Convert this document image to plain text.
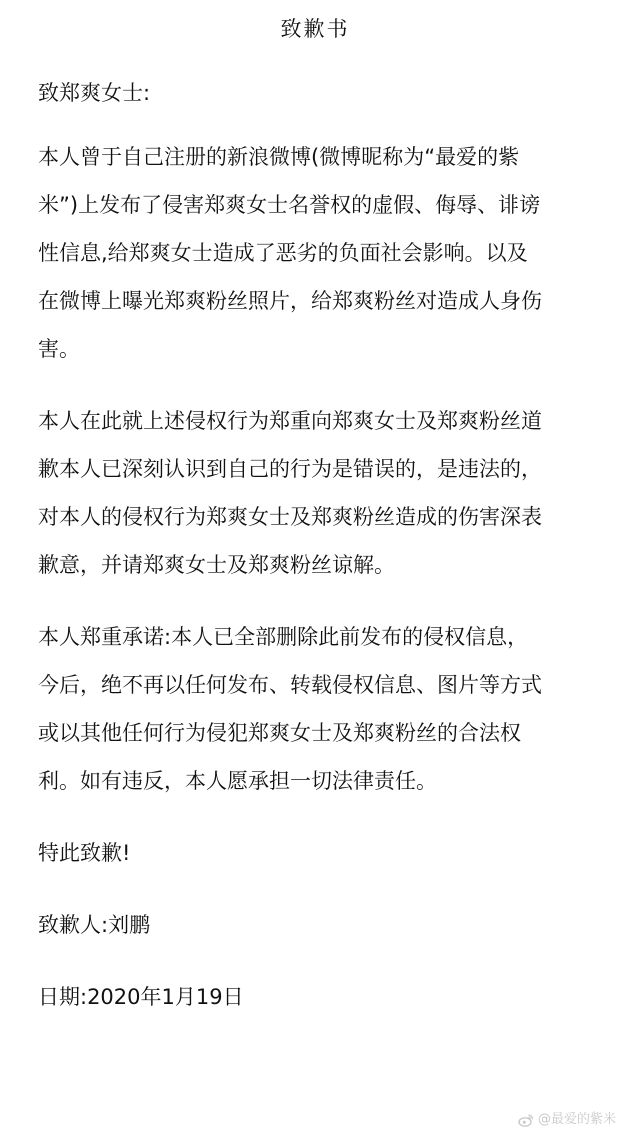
致歉书
致郑爽女士:
本人曾于自己注册的新浪微博(微博昵称为“最爱的紫
米”)上发布了侵害郑爽女士名誉权的虚假、侮辱、诽谤
性信息,给郑爽女士造成了恶劣的负面社会影响。以及
在微博上曝光郑爽粉丝照片，给郑爽粉丝对造成人身伤
害。
本人在此就上述侵权行为郑重向郑爽女士及郑爽粉丝道
歉本人已深刻认识到自己的行为是错误的，是违法的，
对本人的侵权行为郑爽女士及郑爽粉丝造成的伤害深表
歉意，并请郑爽女士及郑爽粉丝谅解。
本人郑重承诺:本人已全部删除此前发布的侵权信息，
今后，绝不再以任何发布、转载侵权信息、图片等方式
或以其他任何行为侵犯郑爽女士及郑爽粉丝的合法权
利。如有违反，本人愿承担一切法律责任。
特此致歉!
致歉人:刘鹏
日期:2020年1月19日
@最爱的紫米
